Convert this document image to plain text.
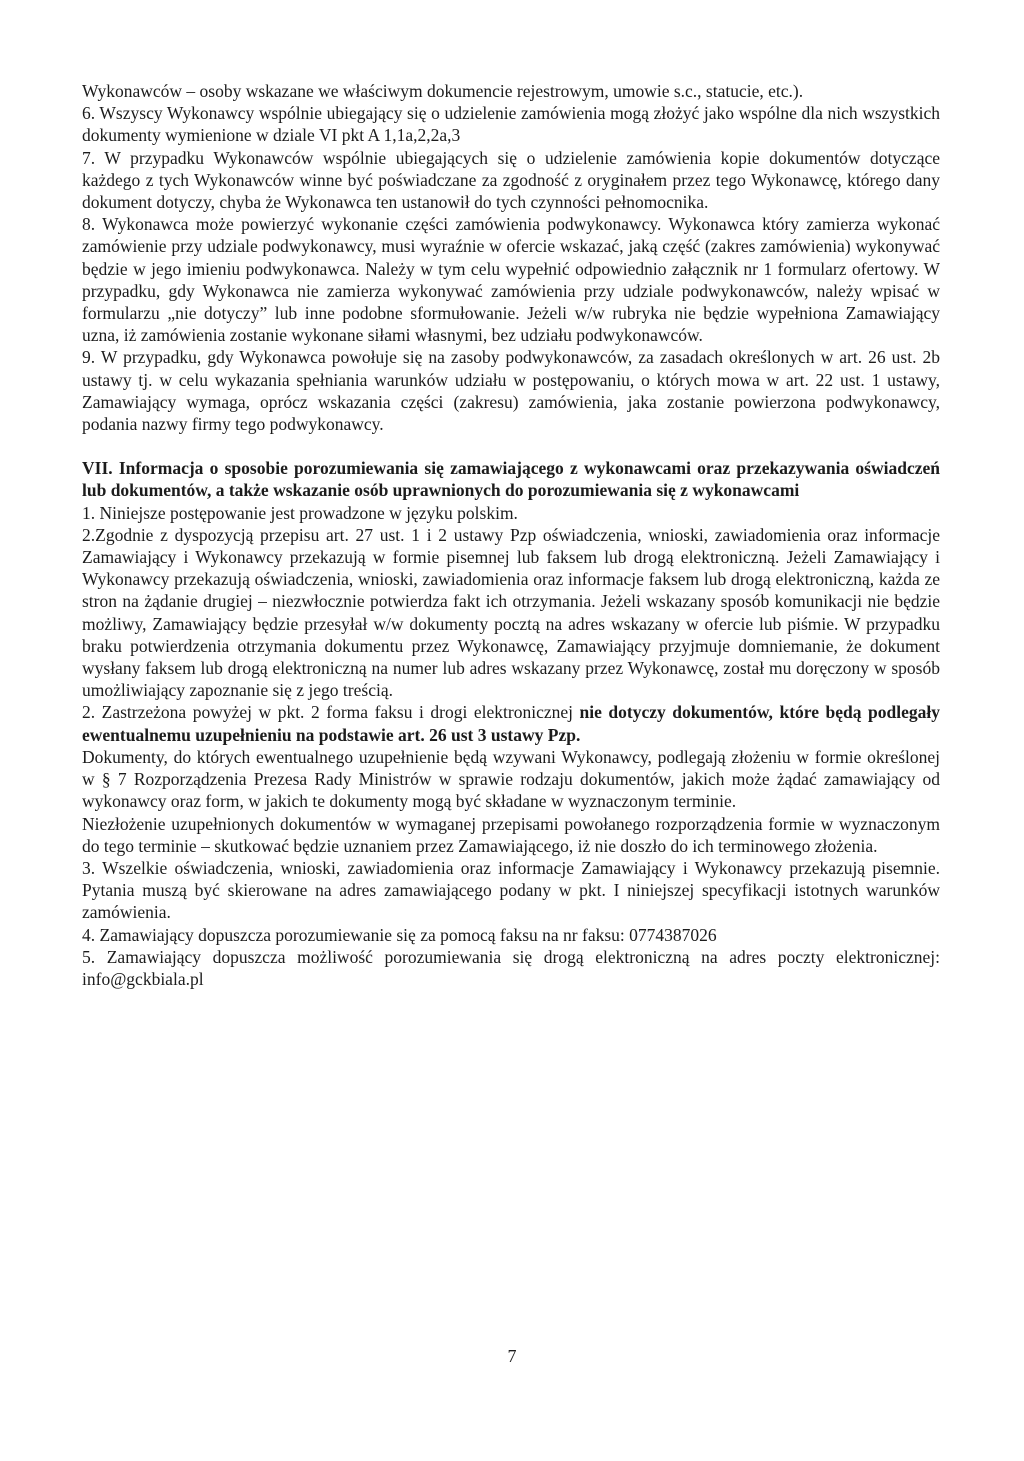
Wykonawców – osoby wskazane we właściwym dokumencie rejestrowym, umowie s.c., statucie, etc.).

6. Wszyscy Wykonawcy wspólnie ubiegający się o udzielenie zamówienia mogą złożyć jako wspólne dla nich wszystkich dokumenty wymienione w dziale VI pkt A 1,1a,2,2a,3

7. W przypadku Wykonawców wspólnie ubiegających się o udzielenie zamówienia kopie dokumentów dotyczące każdego z tych Wykonawców winne być poświadczane za zgodność z oryginałem przez tego Wykonawcę, którego dany dokument dotyczy, chyba że Wykonawca ten ustanowił do tych czynności pełnomocnika.

8. Wykonawca może powierzyć wykonanie części zamówienia podwykonawcy. Wykonawca który zamierza wykonać zamówienie przy udziale podwykonawcy, musi wyraźnie w ofercie wskazać, jaką część (zakres zamówienia) wykonywać będzie w jego imieniu podwykonawca. Należy w tym celu wypełnić odpowiednio załącznik nr 1 formularz ofertowy. W przypadku, gdy Wykonawca nie zamierza wykonywać zamówienia przy udziale podwykonawców, należy wpisać w formularzu „nie dotyczy” lub inne podobne sformułowanie. Jeżeli w/w rubryka nie będzie wypełniona Zamawiający uzna, iż zamówienia zostanie wykonane siłami własnymi, bez udziału podwykonawców.

9. W przypadku, gdy Wykonawca powołuje się na zasoby podwykonawców, za zasadach określonych w art. 26 ust. 2b ustawy tj. w celu wykazania spełniania warunków udziału w postępowaniu, o których mowa w art. 22 ust. 1 ustawy, Zamawiający wymaga, oprócz wskazania części (zakresu) zamówienia, jaka zostanie powierzona podwykonawcy, podania nazwy firmy tego podwykonawcy.

VII. Informacja o sposobie porozumiewania się zamawiającego z wykonawcami oraz przekazywania oświadczeń lub dokumentów, a także wskazanie osób uprawnionych do porozumiewania się z wykonawcami

1. Niniejsze postępowanie jest prowadzone w języku polskim.

2.Zgodnie z dyspozycją przepisu art. 27 ust. 1 i 2 ustawy Pzp oświadczenia, wnioski, zawiadomienia oraz informacje Zamawiający i Wykonawcy przekazują w formie pisemnej lub faksem lub drogą elektroniczną. Jeżeli Zamawiający i Wykonawcy przekazują oświadczenia, wnioski, zawiadomienia oraz informacje faksem lub drogą elektroniczną, każda ze stron na żądanie drugiej – niezwłocznie potwierdza fakt ich otrzymania. Jeżeli wskazany sposób komunikacji nie będzie możliwy, Zamawiający będzie przesyłał w/w dokumenty pocztą na adres wskazany w ofercie lub piśmie. W przypadku braku potwierdzenia otrzymania dokumentu przez Wykonawcę, Zamawiający przyjmuje domniemanie, że dokument wysłany faksem lub drogą elektroniczną na numer lub adres wskazany przez Wykonawcę, został mu doręczony w sposób umożliwiający zapoznanie się z jego treścią.

2. Zastrzeżona powyżej w pkt. 2 forma faksu i drogi elektronicznej nie dotyczy dokumentów, które będą podlegały ewentualnemu uzupełnieniu na podstawie art. 26 ust 3 ustawy Pzp.

Dokumenty, do których ewentualnego uzupełnienie będą wzywani Wykonawcy, podlegają złożeniu w formie określonej w § 7 Rozporządzenia Prezesa Rady Ministrów w sprawie rodzaju dokumentów, jakich może żądać zamawiający od wykonawcy oraz form, w jakich te dokumenty mogą być składane w wyznaczonym terminie.

Niezłożenie uzupełnionych dokumentów w wymaganej przepisami powołanego rozporządzenia formie w wyznaczonym do tego terminie – skutkować będzie uznaniem przez Zamawiającego, iż nie doszło do ich terminowego złożenia.

3. Wszelkie oświadczenia, wnioski, zawiadomienia oraz informacje Zamawiający i Wykonawcy przekazują pisemnie. Pytania muszą być skierowane na adres zamawiającego podany w pkt. I niniejszej specyfikacji istotnych warunków zamówienia.

4. Zamawiający dopuszcza porozumiewanie się za pomocą faksu na nr faksu: 0774387026

5. Zamawiający dopuszcza możliwość porozumiewania się drogą elektroniczną na adres poczty elektronicznej: info@gckbiala.pl

7
